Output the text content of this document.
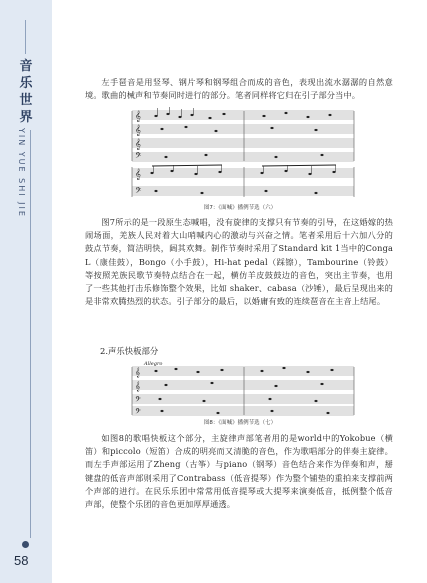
音
乐
世
界
YIN YUE SHI JIE
58
左手琶音是用竖琴、钢片琴和钢琴组合而成的音色，表现出流水潺潺的自然意境。歌曲的械声和节奏同时进行的部分。笔者同样将它归在引子部分当中。
𝄞
𝄞
𝄞
𝄢
𝄞
𝄢
图7：《面喊》播例节选（六）
图7所示的是一段原生态喊唱，没有旋律的支撑只有节奏的引导，在这婚嫁的热闹场面，羌族人民对着大山哨喊内心的激动与兴奋之情。笔者采用后十六加八分的鼓点节奏，简洁明快，阔其欢舞。制作节奏时采用了Standard kit 1当中的Conga L（康佳鼓），Bongo（小手鼓），Hi-hat pedal（踩镲），Tambourine（铃鼓）等按照羌族民歌节奏特点结合在一起，横仿羊皮鼓鼓边的音色，突出主节奏，也用了一些其他打击乐修饰整个效果，比如 shaker、cabasa（沙锤），最后呈现出来的是非常欢腾热烈的状态。引子部分的最后，以婚庸有致的连续琶音在主音上结尾。
2.声乐快板部分
Allegro
𝄞
𝄞
𝄢
𝄢
图8：《面喊》播例节选（七）
如图8的歌唱快板这个部分，主旋律声部笔者用的是world中的Yokobue（横笛）和piccolo（短笛）合成的明亮而又清脆的音色，作为歌唱部分的伴奏主旋律。而左手声部运用了Zheng（古筝）与piano（钢琴）音色结合来作为伴奏和声，掰键盘的低音声部则采用了Contrabass（低音提琴）作为整个铺垫的重拍来支撑前两个声部的进行。在民乐乐团中常常用低音提琴或大提琴来演奏低音，抵例整个低音声部，使整个乐团的音色更加厚厚通透。
